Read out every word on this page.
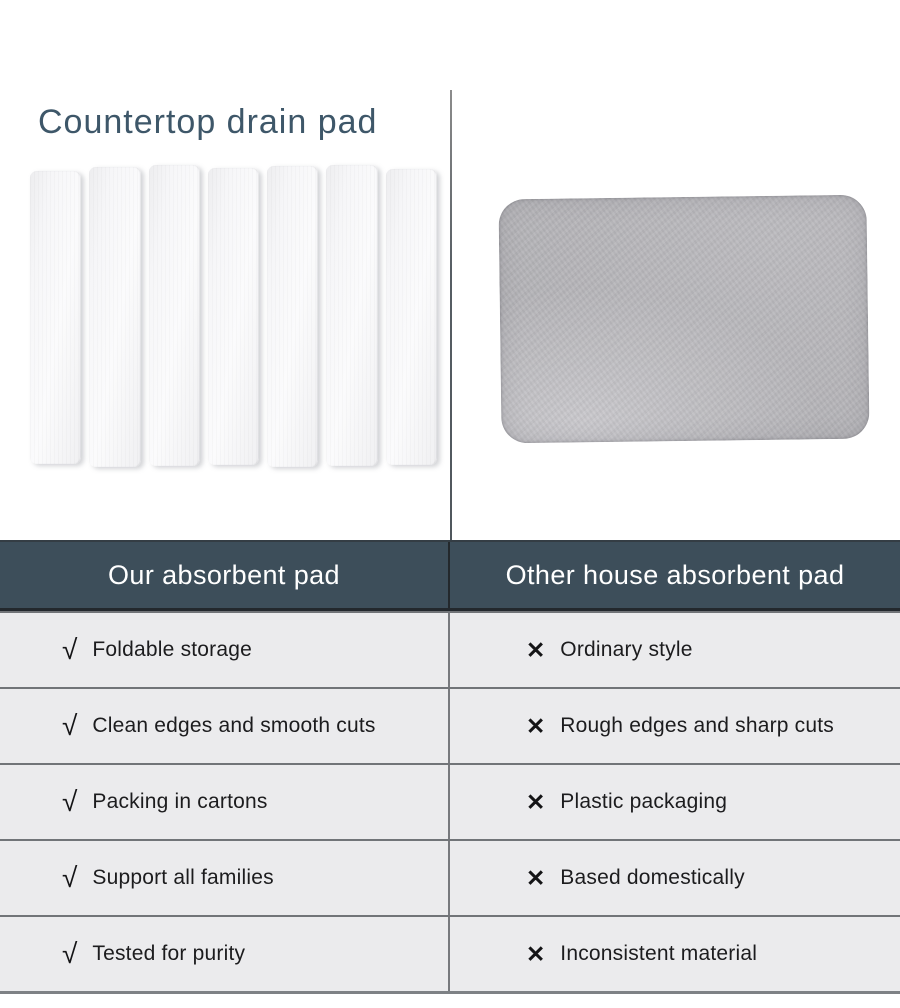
Countertop drain pad
Our absorbent pad	Other house absorbent pad
√ Foldable storage	✕ Ordinary style
√ Clean edges and smooth cuts	✕ Rough edges and sharp cuts
√ Packing in cartons	✕ Plastic packaging
√ Support all families	✕ Based domestically
√ Tested for purity	✕ Inconsistent material
